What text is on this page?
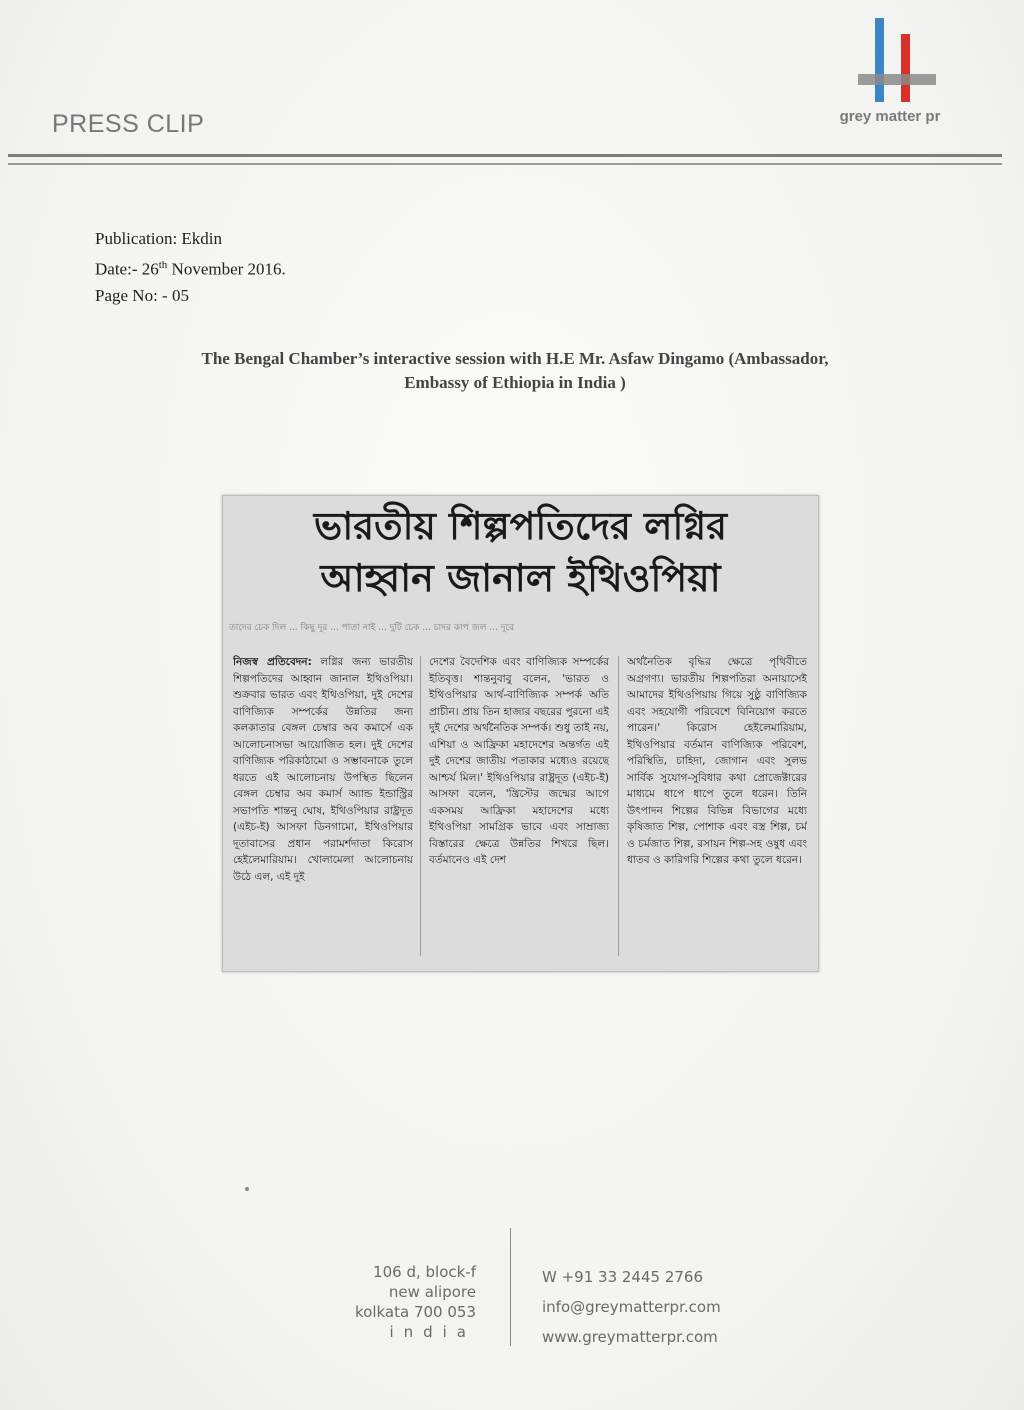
PRESS CLIP	grey matter pr
Publication: Ekdin
Date:- 26th November 2016.
Page No: - 05
The Bengal Chamber’s interactive session with H.E Mr. Asfaw Dingamo (Ambassador,
Embassy of Ethiopia in India )
ভারতীয় শিল্পপতিদের লগ্নির
আহ্বান জানাল ইথিওপিয়া
তাদের চেক দিল ... কিছু দূর ... পাতা নাই ... দুটি চেক ... চাদর কাপ জল ... দূরে
নিজস্ব প্রতিবেদন: লগ্নির জন্য ভারতীয় শিল্পপতিদের আহ্বান জানাল ইথিওপিয়া। শুক্রবার ভারত এবং ইথিওপিয়া, দুই দেশের বাণিজ্যিক সম্পর্কের উন্নতির জন্য কলকাতার বেঙ্গল চেম্বার অব কমার্সে এক আলোচনাসভা আয়োজিত হল। দুই দেশের বাণিজ্যিক পরিকাঠামো ও সম্ভাবনাকে তুলে ধরতে এই আলোচনায় উপস্থিত ছিলেন বেঙ্গল চেম্বার অব কমার্স অ্যান্ড ইন্ডাস্ট্রির সভাপতি শান্তনু ঘোষ, ইথিওপিয়ার রাষ্ট্রদূত (এইচ-ই) আসফা ডিনগামো, ইথিওপিয়ার দূতাবাসের প্রধান পরামর্শদাতা কিরোস হেইলেমারিয়াম। খোলামেলা আলোচনায় উঠে এল, এই দুই
দেশের বৈদেশিক এবং বাণিজ্যিক সম্পর্কের ইতিবৃত্ত। শান্তনুবাবু বলেন, 'ভারত ও ইথিওপিয়ার আর্থ-বাণিজ্যিক সম্পর্ক অতি প্রাচীন। প্রায় তিন হাজার বছরের পুরনো এই দুই দেশের অর্থনৈতিক সম্পর্ক। শুধু তাই নয়, এশিয়া ও আফ্রিকা মহাদেশের অন্তর্গত এই দুই দেশের জাতীয় পতাকার মধ্যেও রয়েছে আশ্চর্য মিল।' ইথিওপিয়ার রাষ্ট্রদূত (এইচ-ই) আসফা বলেন, 'খ্রিস্টের জন্মের আগে একসময় আফ্রিকা মহাদেশের মধ্যে ইথিওপিয়া সামগ্রিক ভাবে এবং সাম্রাজ্য বিস্তারের ক্ষেত্রে উন্নতির শিখরে ছিল। বর্তমানেও এই দেশ
অর্থনৈতিক বৃদ্ধির ক্ষেত্রে পৃথিবীতে অগ্রগণ্য। ভারতীয় শিল্পপতিরা অনায়াসেই আমাদের ইথিওপিয়ায় গিয়ে সুষ্ঠু বাণিজ্যিক এবং সহযোগী পরিবেশে বিনিয়োগ করতে পারেন।' কিরোস হেইলেমারিয়াম, ইথিওপিয়ার বর্তমান বাণিজ্যিক পরিবেশ, পরিস্থিতি, চাহিদা, জোগান এবং সুলভ সার্বিক সুযোগ-সুবিধার কথা প্রোজেক্টারের মাধ্যমে ধাপে ধাপে তুলে ধরেন। তিনি উৎপাদন শিল্পের বিভিন্ন বিভাগের মধ্যে কৃষিজাত শিল্প, পোশাক এবং বস্ত্র শিল্প, চর্ম ও চর্মজাত শিল্প, রসায়ন শিল্প-সহ ওষুধ এবং ধাতব ও কারিগরি শিল্পের কথা তুলে ধরেন।
106 d, block-f
new alipore
kolkata 700 053
india
W +91 33 2445 2766
info@greymatterpr.com
www.greymatterpr.com
